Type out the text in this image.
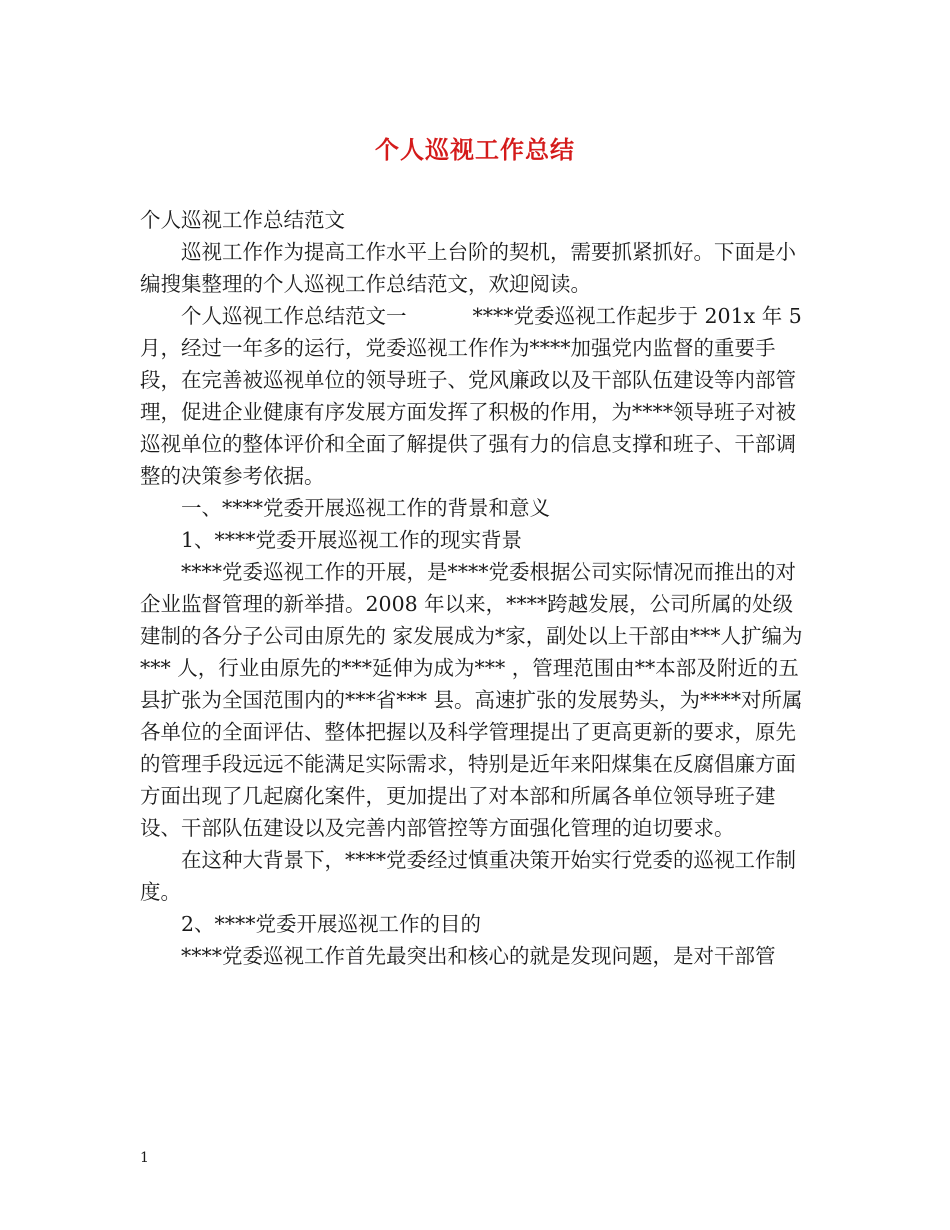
个人巡视工作总结

个人巡视工作总结范文

巡视工作作为提高工作水平上台阶的契机，需要抓紧抓好。下面是小编搜集整理的个人巡视工作总结范文，欢迎阅读。

个人巡视工作总结范文一	****党委巡视工作起步于 201x 年 5 月，经过一年多的运行，党委巡视工作作为****加强党内监督的重要手段，在完善被巡视单位的领导班子、党风廉政以及干部队伍建设等内部管理，促进企业健康有序发展方面发挥了积极的作用，为****领导班子对被巡视单位的整体评价和全面了解提供了强有力的信息支撑和班子、干部调整的决策参考依据。

一、****党委开展巡视工作的背景和意义

1、****党委开展巡视工作的现实背景

****党委巡视工作的开展，是****党委根据公司实际情况而推出的对企业监督管理的新举措。2008 年以来，****跨越发展，公司所属的处级建制的各分子公司由原先的 家发展成为*家，副处以上干部由***人扩编为*** 人，行业由原先的***延伸为成为*** ，管理范围由**本部及附近的五县扩张为全国范围内的***省*** 县。高速扩张的发展势头，为****对所属各单位的全面评估、整体把握以及科学管理提出了更高更新的要求，原先的管理手段远远不能满足实际需求，特别是近年来阳煤集在反腐倡廉方面方面出现了几起腐化案件，更加提出了对本部和所属各单位领导班子建设、干部队伍建设以及完善内部管控等方面强化管理的迫切要求。

在这种大背景下，****党委经过慎重决策开始实行党委的巡视工作制度。

2、****党委开展巡视工作的目的

****党委巡视工作首先最突出和核心的就是发现问题，是对干部管

1
